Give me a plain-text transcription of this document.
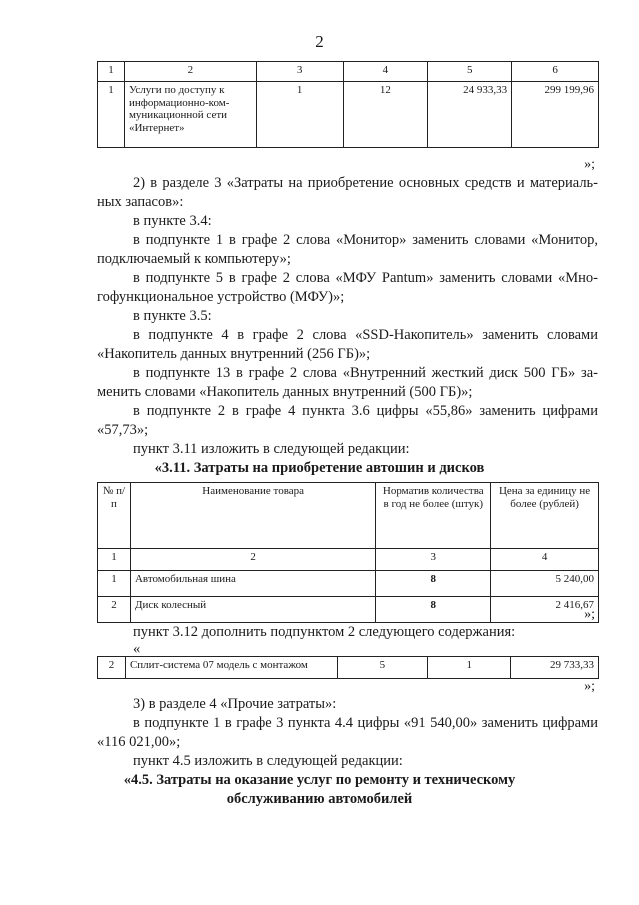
2
1	2	3	4	5	6
1	Услуги по доступу к информационно-ком-муникационной сети «Интернет»	1	12	24 933,33	299 199,96
»;
2) в разделе 3 «Затраты на приобретение основных средств и материаль-
ных запасов»:
в пункте 3.4:
в подпункте 1 в графе 2 слова «Монитор» заменить словами «Монитор,
подключаемый к компьютеру»;
в подпункте 5 в графе 2 слова «МФУ Pantum» заменить словами «Мно-
гофункциональное устройство (МФУ)»;
в пункте 3.5:
в подпункте 4 в графе 2 слова «SSD-Накопитель» заменить словами
«Накопитель данных внутренний (256 ГБ)»;
в подпункте 13 в графе 2 слова «Внутренний жесткий диск 500 ГБ» за-
менить словами «Накопитель данных внутренний (500 ГБ)»;
в подпункте 2 в графе 4 пункта 3.6 цифры «55,86» заменить цифрами
«57,73»;
пункт 3.11 изложить в следующей редакции:
«3.11. Затраты на приобретение автошин и дисков
№ п/п	Наименование товара	Норматив количества в год не более (штук)	Цена за единицу не более (рублей)
1	2	3	4
1	Автомобильная шина	8	5 240,00
2	Диск колесный	8	2 416,67
»;
пункт 3.12 дополнить подпунктом 2 следующего содержания:
«
2	Сплит-система 07 модель с монтажом	5	1	29 733,33
»;
3) в разделе 4 «Прочие затраты»:
в подпункте 1 в графе 3 пункта 4.4 цифры «91 540,00» заменить цифрами
«116 021,00»;
пункт 4.5 изложить в следующей редакции:
«4.5. Затраты на оказание услуг по ремонту и техническому
обслуживанию автомобилей
